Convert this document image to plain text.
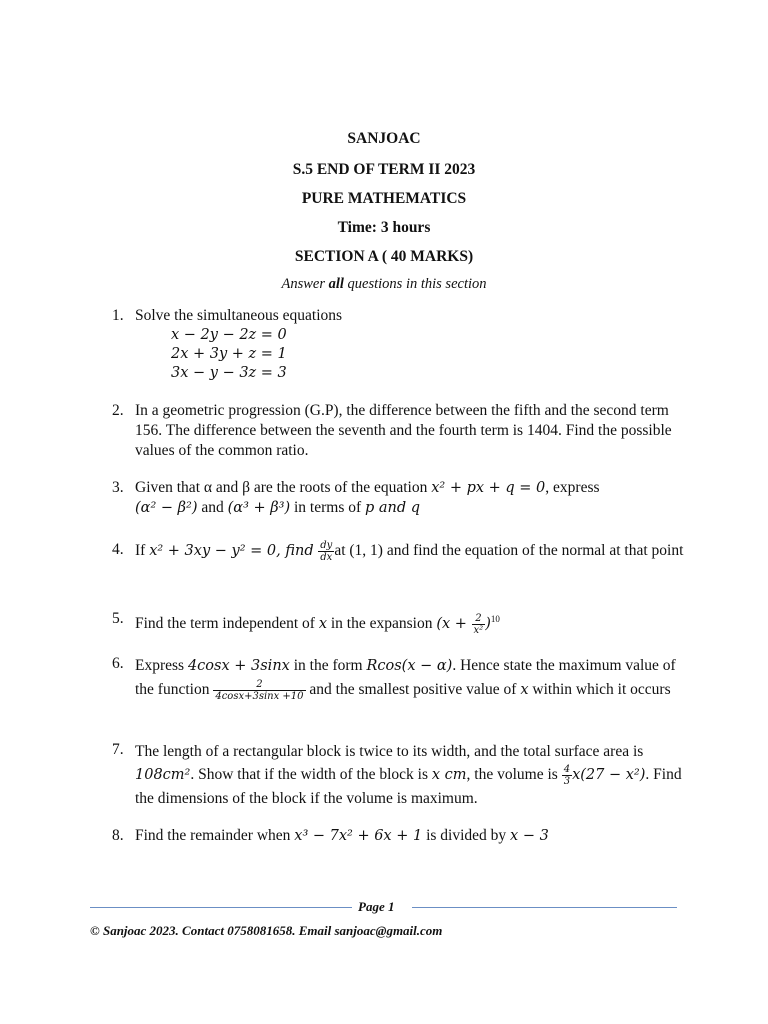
SANJOAC
S.5 END OF TERM II 2023
PURE MATHEMATICS
Time: 3 hours
SECTION A ( 40 MARKS)
Answer all questions in this section
1. Solve the simultaneous equations
x − 2y − 2z = 0
2x + 3y + z = 1
3x − y − 3z = 3
2. In a geometric progression (G.P), the difference between the fifth and the second term 156. The difference between the seventh and the fourth term is 1404. Find the possible values of the common ratio.
3. Given that α and β are the roots of the equation x² + px + q = 0, express
(α² − β²) and (α³ + β³) in terms of p and q
4. If x² + 3xy − y² = 0, find $\frac{dy}{dx}$ at (1, 1) and find the equation of the normal at that point
5. Find the term independent of x in the expansion $(x + \frac{2}{\text{x²}} )^{10}$
6. Express 4cosx + 3sinx in the form Rcos(x − α). Hence state the maximum value of the function $\frac{2}{4\cos x+3\sin x +10}$ and the smallest positive value of x within which it occurs
7. The length of a rectangular block is twice to its width, and the total surface area is 108cm². Show that if the width of the block is x cm, the volume is $\frac{4}{3} x(27 - x^2)$. Find the dimensions of the block if the volume is maximum.
8. Find the remainder when x³ − 7x² + 6x + 1 is divided by x − 3
Page 1
© Sanjoac 2023. Contact 0758081658. Email sanjoac@gmail.com
